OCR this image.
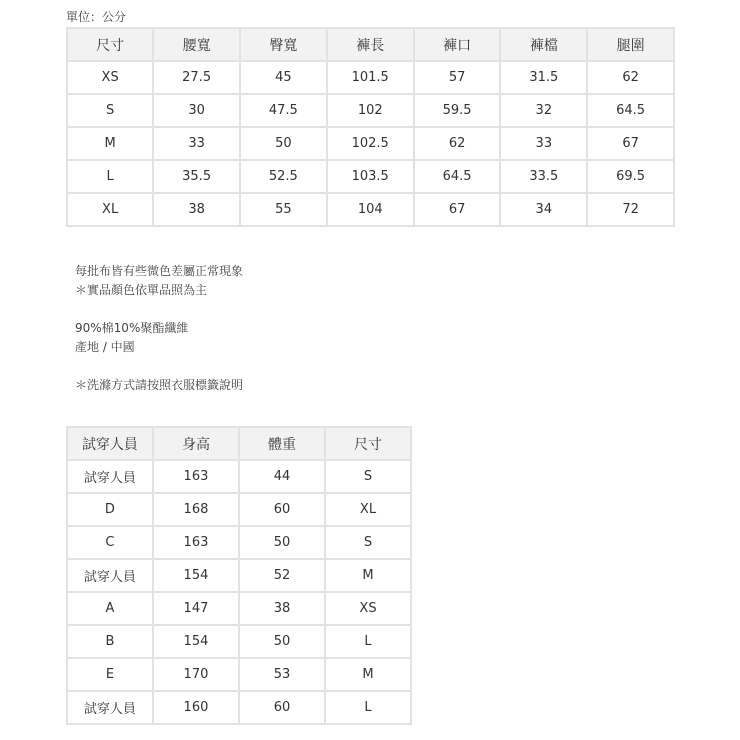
單位：公分
尺寸	腰寬	臀寬	褲長	褲口	褲檔	腿圍
XS	27.5	45	101.5	57	31.5	62
S	30	47.5	102	59.5	32	64.5
M	33	50	102.5	62	33	67
L	35.5	52.5	103.5	64.5	33.5	69.5
XL	38	55	104	67	34	72

每批布皆有些微色差屬正常現象

＊實品顏色依單品照為主

90%棉10%聚酯纖維

產地 / 中國

＊洗滌方式請按照衣服標籤說明

試穿人員	身高	體重	尺寸
試穿人員	163	44	S
D	168	60	XL
C	163	50	S
試穿人員	154	52	M
A	147	38	XS
B	154	50	L
E	170	53	M
試穿人員	160	60	L
